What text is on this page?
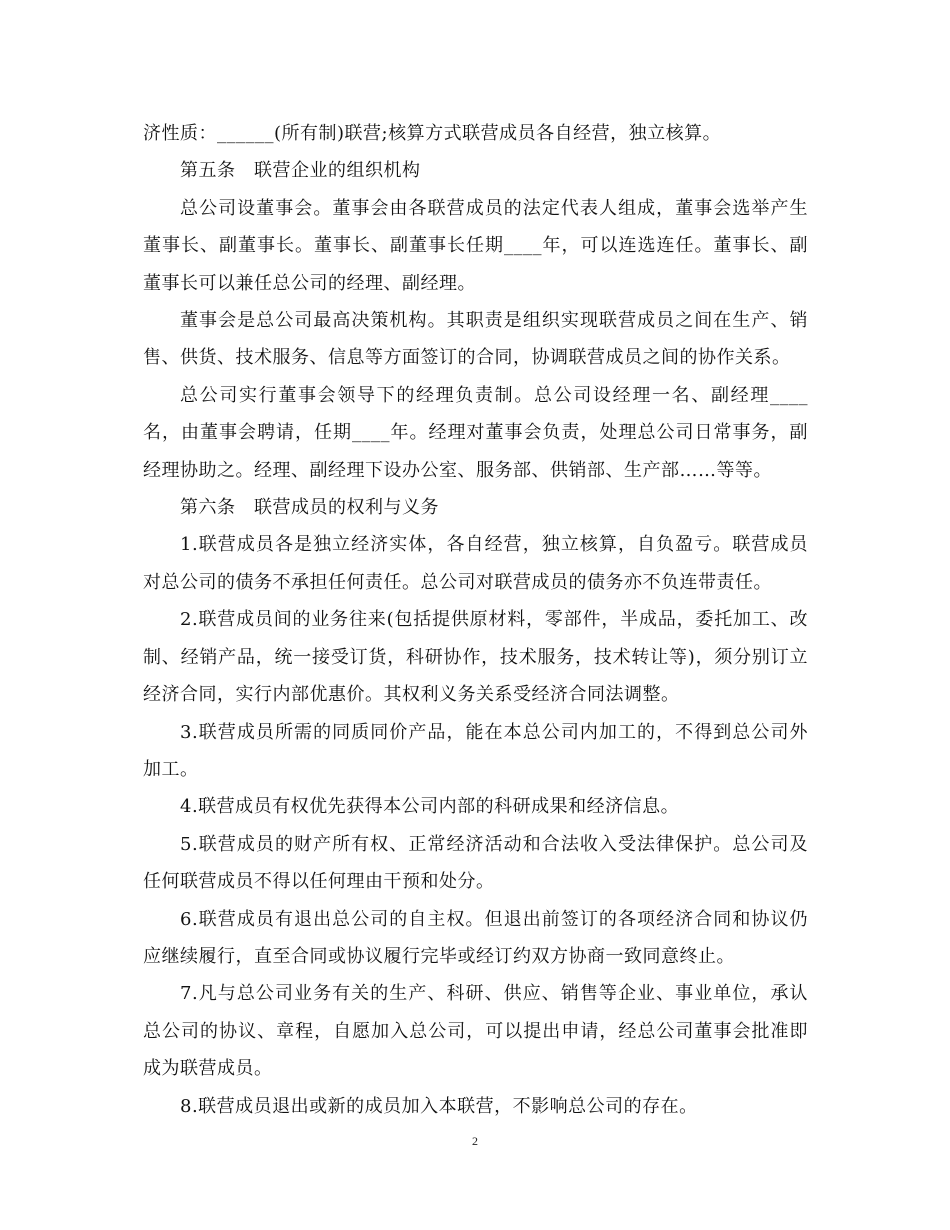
济性质：______(所有制)联营;核算方式联营成员各自经营，独立核算。

第五条　联营企业的组织机构

总公司设董事会。董事会由各联营成员的法定代表人组成，董事会选举产生董事长、副董事长。董事长、副董事长任期____年，可以连选连任。董事长、副董事长可以兼任总公司的经理、副经理。

董事会是总公司最高决策机构。其职责是组织实现联营成员之间在生产、销售、供货、技术服务、信息等方面签订的合同，协调联营成员之间的协作关系。

总公司实行董事会领导下的经理负责制。总公司设经理一名、副经理____名，由董事会聘请，任期____年。经理对董事会负责，处理总公司日常事务，副经理协助之。经理、副经理下设办公室、服务部、供销部、生产部……等等。

第六条　联营成员的权利与义务

1.联营成员各是独立经济实体，各自经营，独立核算，自负盈亏。联营成员对总公司的债务不承担任何责任。总公司对联营成员的债务亦不负连带责任。

2.联营成员间的业务往来(包括提供原材料，零部件，半成品，委托加工、改制、经销产品，统一接受订货，科研协作，技术服务，技术转让等)，须分别订立经济合同，实行内部优惠价。其权利义务关系受经济合同法调整。

3.联营成员所需的同质同价产品，能在本总公司内加工的，不得到总公司外加工。

4.联营成员有权优先获得本公司内部的科研成果和经济信息。

5.联营成员的财产所有权、正常经济活动和合法收入受法律保护。总公司及任何联营成员不得以任何理由干预和处分。

6.联营成员有退出总公司的自主权。但退出前签订的各项经济合同和协议仍应继续履行，直至合同或协议履行完毕或经订约双方协商一致同意终止。

7.凡与总公司业务有关的生产、科研、供应、销售等企业、事业单位，承认总公司的协议、章程，自愿加入总公司，可以提出申请，经总公司董事会批准即成为联营成员。

8.联营成员退出或新的成员加入本联营，不影响总公司的存在。

2
